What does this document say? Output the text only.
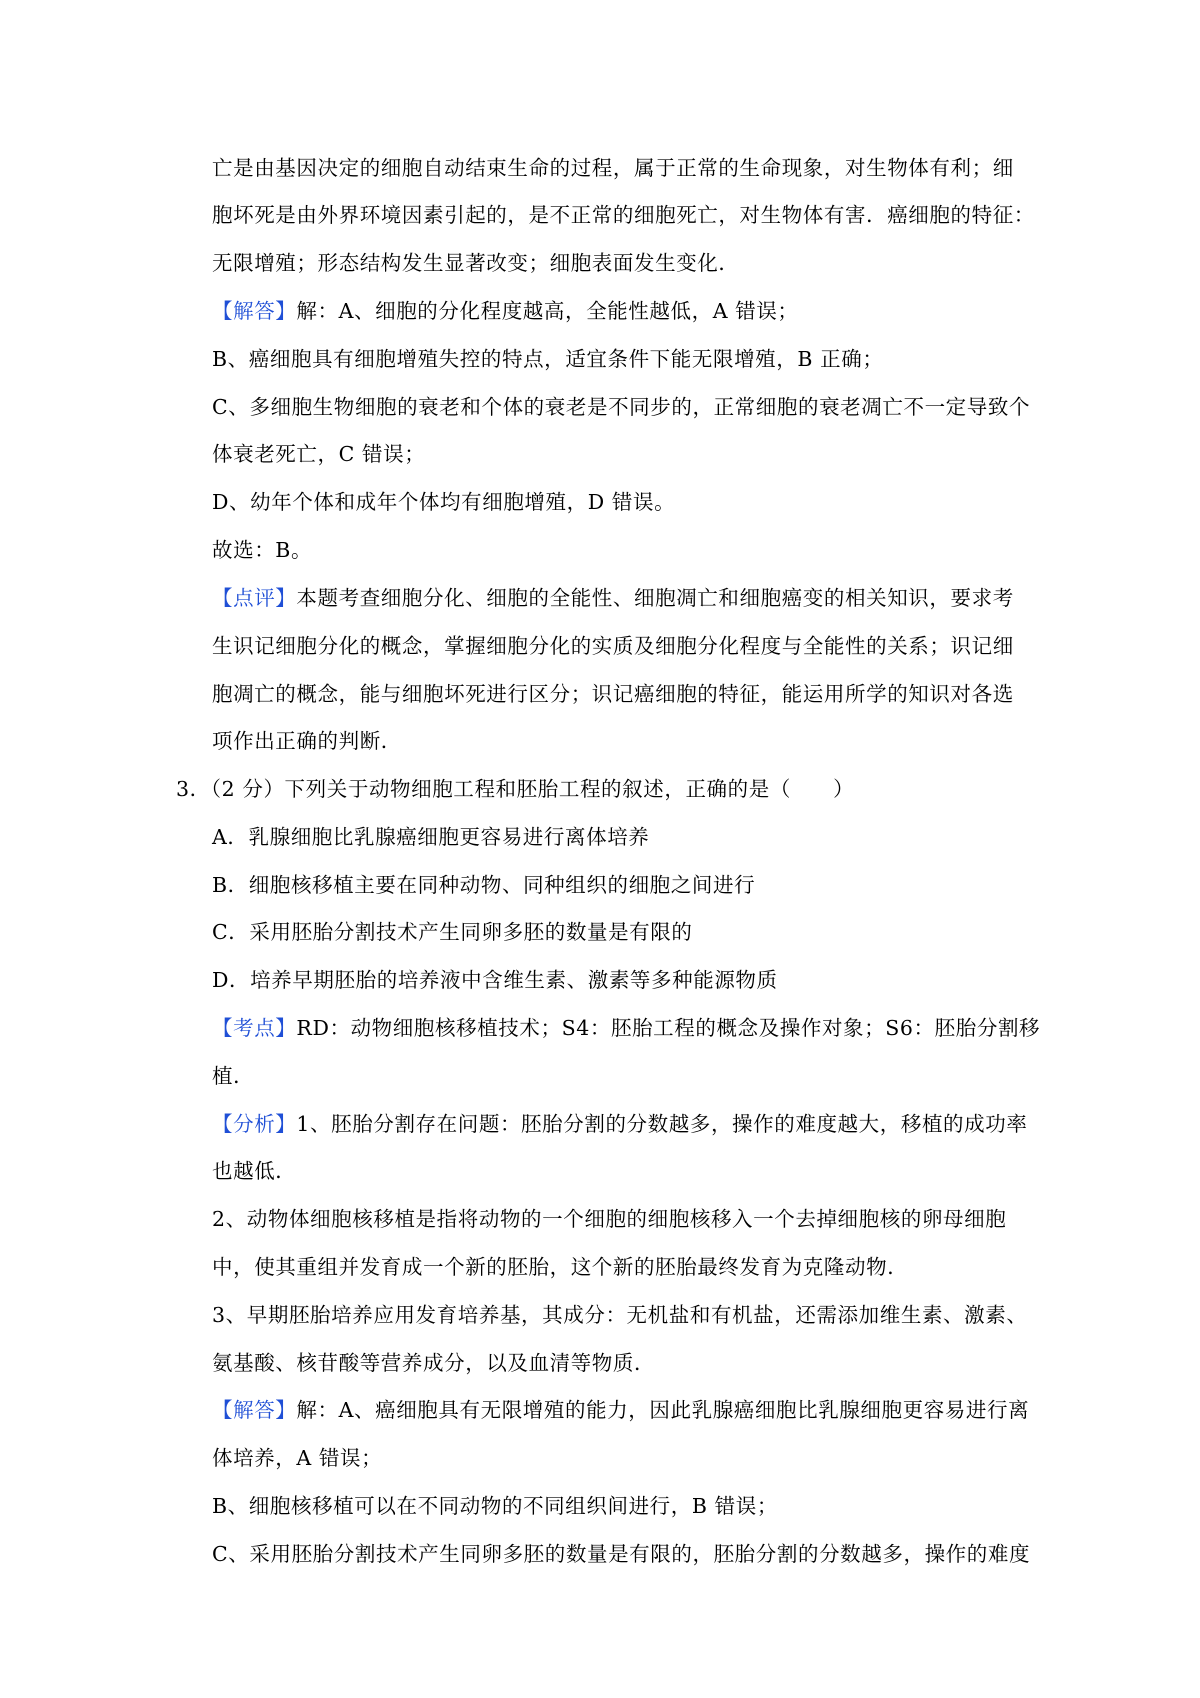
亡是由基因决定的细胞自动结束生命的过程，属于正常的生命现象，对生物体有利；细
胞坏死是由外界环境因素引起的，是不正常的细胞死亡，对生物体有害．癌细胞的特征：
无限增殖；形态结构发生显著改变；细胞表面发生变化．
【解答】解：A、细胞的分化程度越高，全能性越低，A 错误；
B、癌细胞具有细胞增殖失控的特点，适宜条件下能无限增殖，B 正确；
C、多细胞生物细胞的衰老和个体的衰老是不同步的，正常细胞的衰老凋亡不一定导致个
体衰老死亡，C 错误；
D、幼年个体和成年个体均有细胞增殖，D 错误。
故选：B。
【点评】本题考查细胞分化、细胞的全能性、细胞凋亡和细胞癌变的相关知识，要求考
生识记细胞分化的概念，掌握细胞分化的实质及细胞分化程度与全能性的关系；识记细
胞凋亡的概念，能与细胞坏死进行区分；识记癌细胞的特征，能运用所学的知识对各选
项作出正确的判断．
3．（2 分）下列关于动物细胞工程和胚胎工程的叙述，正确的是（　　）
A．乳腺细胞比乳腺癌细胞更容易进行离体培养
B．细胞核移植主要在同种动物、同种组织的细胞之间进行
C．采用胚胎分割技术产生同卵多胚的数量是有限的
D．培养早期胚胎的培养液中含维生素、激素等多种能源物质
【考点】RD：动物细胞核移植技术；S4：胚胎工程的概念及操作对象；S6：胚胎分割移
植．
【分析】1、胚胎分割存在问题：胚胎分割的分数越多，操作的难度越大，移植的成功率
也越低．
2、动物体细胞核移植是指将动物的一个细胞的细胞核移入一个去掉细胞核的卵母细胞
中，使其重组并发育成一个新的胚胎，这个新的胚胎最终发育为克隆动物．
3、早期胚胎培养应用发育培养基，其成分：无机盐和有机盐，还需添加维生素、激素、
氨基酸、核苷酸等营养成分，以及血清等物质．
【解答】解：A、癌细胞具有无限增殖的能力，因此乳腺癌细胞比乳腺细胞更容易进行离
体培养，A 错误；
B、细胞核移植可以在不同动物的不同组织间进行，B 错误；
C、采用胚胎分割技术产生同卵多胚的数量是有限的，胚胎分割的分数越多，操作的难度
